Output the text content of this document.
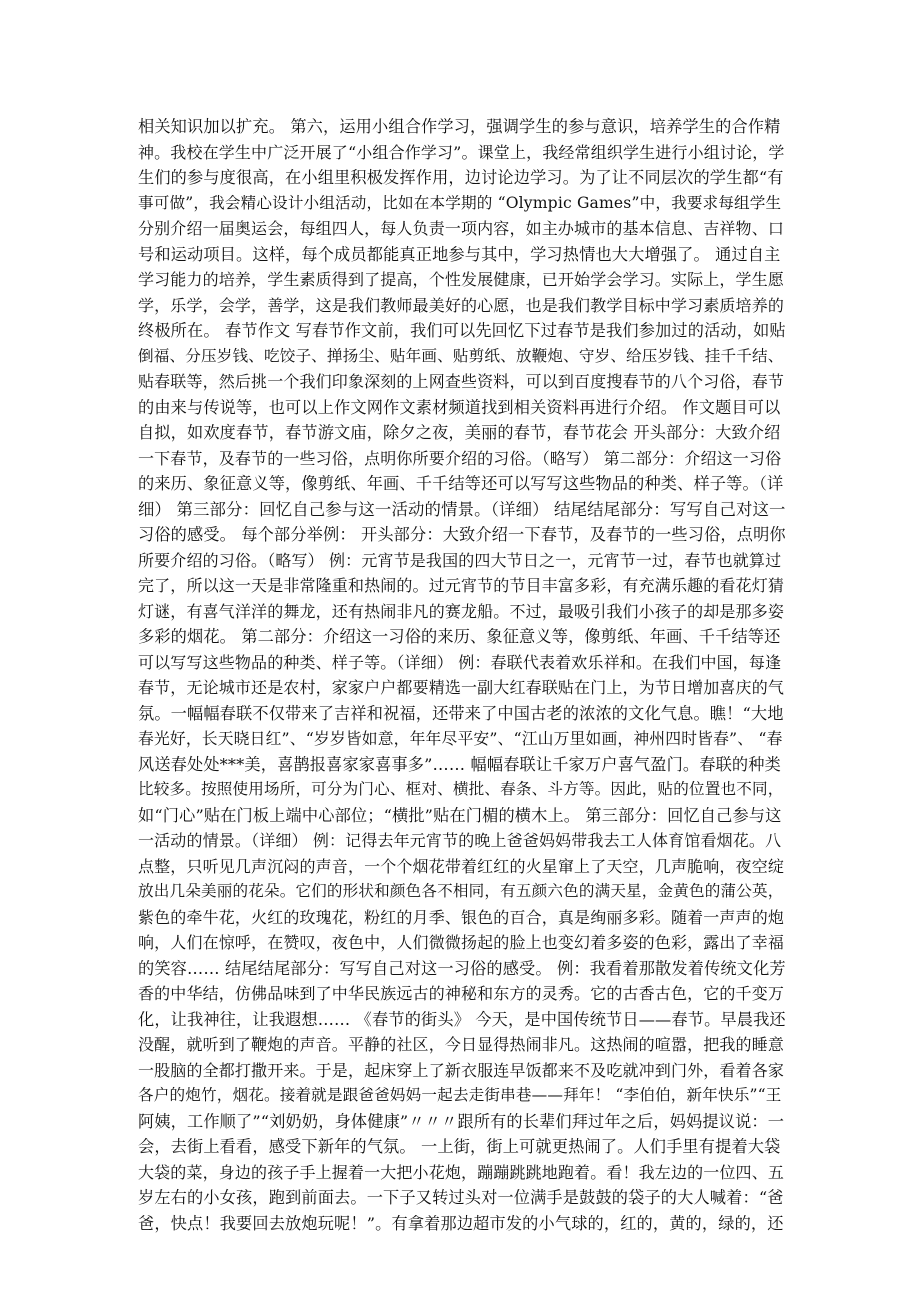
相关知识加以扩充。 第六，运用小组合作学习，强调学生的参与意识，培养学生的合作精
神。我校在学生中广泛开展了“小组合作学习”。课堂上，我经常组织学生进行小组讨论，学
生们的参与度很高，在小组里积极发挥作用，边讨论边学习。为了让不同层次的学生都“有
事可做”，我会精心设计小组活动，比如在本学期的 “Olympic Games”中，我要求每组学生
分别介绍一届奥运会，每组四人，每人负责一项内容，如主办城市的基本信息、吉祥物、口
号和运动项目。这样，每个成员都能真正地参与其中，学习热情也大大增强了。 通过自主
学习能力的培养，学生素质得到了提高，个性发展健康，已开始学会学习。实际上，学生愿
学，乐学，会学，善学，这是我们教师最美好的心愿，也是我们教学目标中学习素质培养的
终极所在。 春节作文 写春节作文前，我们可以先回忆下过春节是我们参加过的活动，如贴
倒福、分压岁钱、吃饺子、掸扬尘、贴年画、贴剪纸、放鞭炮、守岁、给压岁钱、挂千千结、
贴春联等，然后挑一个我们印象深刻的上网查些资料，可以到百度搜春节的八个习俗，春节
的由来与传说等，也可以上作文网作文素材频道找到相关资料再进行介绍。 作文题目可以
自拟，如欢度春节，春节游文庙，除夕之夜，美丽的春节，春节花会 开头部分：大致介绍
一下春节，及春节的一些习俗，点明你所要介绍的习俗。（略写） 第二部分：介绍这一习俗
的来历、象征意义等，像剪纸、年画、千千结等还可以写写这些物品的种类、样子等。（详
细） 第三部分：回忆自己参与这一活动的情景。（详细） 结尾结尾部分：写写自己对这一
习俗的感受。 每个部分举例： 开头部分：大致介绍一下春节，及春节的一些习俗，点明你
所要介绍的习俗。（略写） 例：元宵节是我国的四大节日之一，元宵节一过，春节也就算过
完了，所以这一天是非常隆重和热闹的。过元宵节的节目丰富多彩，有充满乐趣的看花灯猜
灯谜，有喜气洋洋的舞龙，还有热闹非凡的赛龙船。不过，最吸引我们小孩子的却是那多姿
多彩的烟花。 第二部分：介绍这一习俗的来历、象征意义等，像剪纸、年画、千千结等还
可以写写这些物品的种类、样子等。（详细） 例：春联代表着欢乐祥和。在我们中国，每逢
春节，无论城市还是农村，家家户户都要精选一副大红春联贴在门上，为节日增加喜庆的气
氛。一幅幅春联不仅带来了吉祥和祝福，还带来了中国古老的浓浓的文化气息。瞧！“大地
春光好，长天晓日红”、“岁岁皆如意，年年尽平安”、“江山万里如画，神州四时皆春”、 “春
风送春处处***美，喜鹊报喜家家喜事多”…… 幅幅春联让千家万户喜气盈门。春联的种类
比较多。按照使用场所，可分为门心、框对、横批、春条、斗方等。因此，贴的位置也不同，
如“门心”贴在门板上端中心部位；“横批”贴在门楣的横木上。 第三部分：回忆自己参与这
一活动的情景。（详细） 例：记得去年元宵节的晚上爸爸妈妈带我去工人体育馆看烟花。八
点整，只听见几声沉闷的声音，一个个烟花带着红红的火星窜上了天空，几声脆响，夜空绽
放出几朵美丽的花朵。它们的形状和颜色各不相同，有五颜六色的满天星，金黄色的蒲公英，
紫色的牵牛花，火红的玫瑰花，粉红的月季、银色的百合，真是绚丽多彩。随着一声声的炮
响，人们在惊呼，在赞叹，夜色中，人们微微扬起的脸上也变幻着多姿的色彩，露出了幸福
的笑容…… 结尾结尾部分：写写自己对这一习俗的感受。 例：我看着那散发着传统文化芳
香的中华结，仿佛品味到了中华民族远古的神秘和东方的灵秀。它的古香古色，它的千变万
化，让我神往，让我遐想…… 《春节的街头》 今天，是中国传统节日——春节。早晨我还
没醒，就听到了鞭炮的声音。平静的社区，今日显得热闹非凡。这热闹的喧嚣，把我的睡意
一股脑的全都打撒开来。于是，起床穿上了新衣服连早饭都来不及吃就冲到门外，看着各家
各户的炮竹，烟花。接着就是跟爸爸妈妈一起去走街串巷——拜年！ “李伯伯，新年快乐”“王
阿姨，工作顺了”“刘奶奶，身体健康”〃〃〃跟所有的长辈们拜过年之后，妈妈提议说：一
会，去街上看看，感受下新年的气氛。 一上街，街上可就更热闹了。人们手里有提着大袋
大袋的菜，身边的孩子手上握着一大把小花炮，蹦蹦跳跳地跑着。看！我左边的一位四、五
岁左右的小女孩，跑到前面去。一下子又转过头对一位满手是鼓鼓的袋子的大人喊着：“爸
爸，快点！我要回去放炮玩呢！”。有拿着那边超市发的小气球的，红的，黄的，绿的，还
